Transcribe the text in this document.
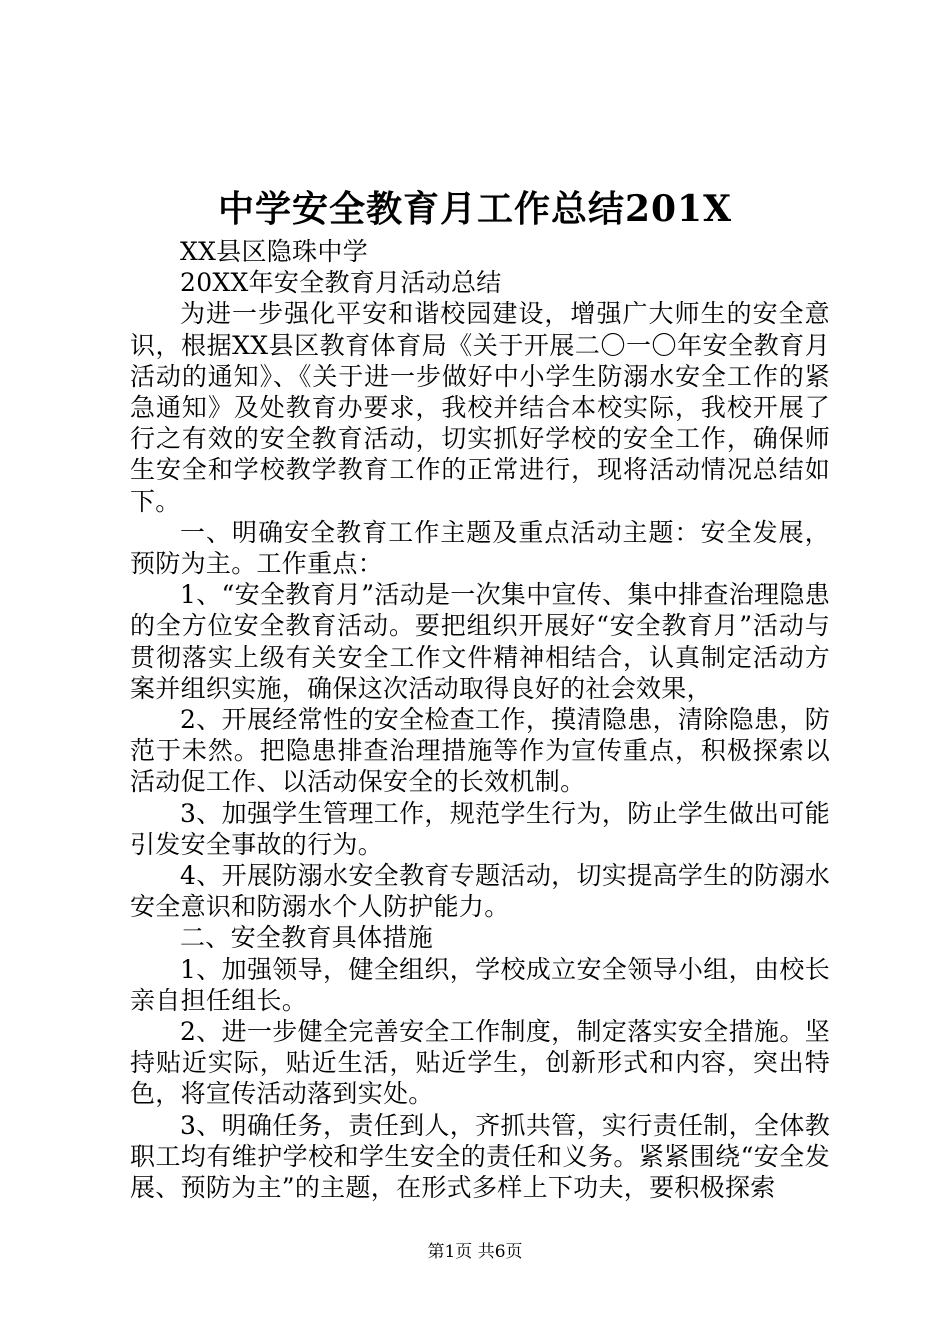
中学安全教育月工作总结201X

XX县区隐珠中学

20XX年安全教育月活动总结

为进一步强化平安和谐校园建设，增强广大师生的安全意识，根据XX县区教育体育局《关于开展二〇一〇年安全教育月活动的通知》、《关于进一步做好中小学生防溺水安全工作的紧急通知》及处教育办要求，我校并结合本校实际，我校开展了行之有效的安全教育活动，切实抓好学校的安全工作，确保师生安全和学校教学教育工作的正常进行，现将活动情况总结如下。

一、明确安全教育工作主题及重点活动主题：安全发展，预防为主。工作重点：

1、“安全教育月”活动是一次集中宣传、集中排查治理隐患的全方位安全教育活动。要把组织开展好“安全教育月”活动与贯彻落实上级有关安全工作文件精神相结合，认真制定活动方案并组织实施，确保这次活动取得良好的社会效果，

2、开展经常性的安全检查工作，摸清隐患，清除隐患，防范于未然。把隐患排查治理措施等作为宣传重点，积极探索以活动促工作、以活动保安全的长效机制。

3、加强学生管理工作，规范学生行为，防止学生做出可能引发安全事故的行为。

4、开展防溺水安全教育专题活动，切实提高学生的防溺水安全意识和防溺水个人防护能力。

二、安全教育具体措施

1、加强领导，健全组织，学校成立安全领导小组，由校长亲自担任组长。

2、进一步健全完善安全工作制度，制定落实安全措施。坚持贴近实际，贴近生活，贴近学生，创新形式和内容，突出特色，将宣传活动落到实处。

3、明确任务，责任到人，齐抓共管，实行责任制，全体教职工均有维护学校和学生安全的责任和义务。紧紧围绕“安全发展、预防为主”的主题，在形式多样上下功夫，要积极探索

第1页 共6页
